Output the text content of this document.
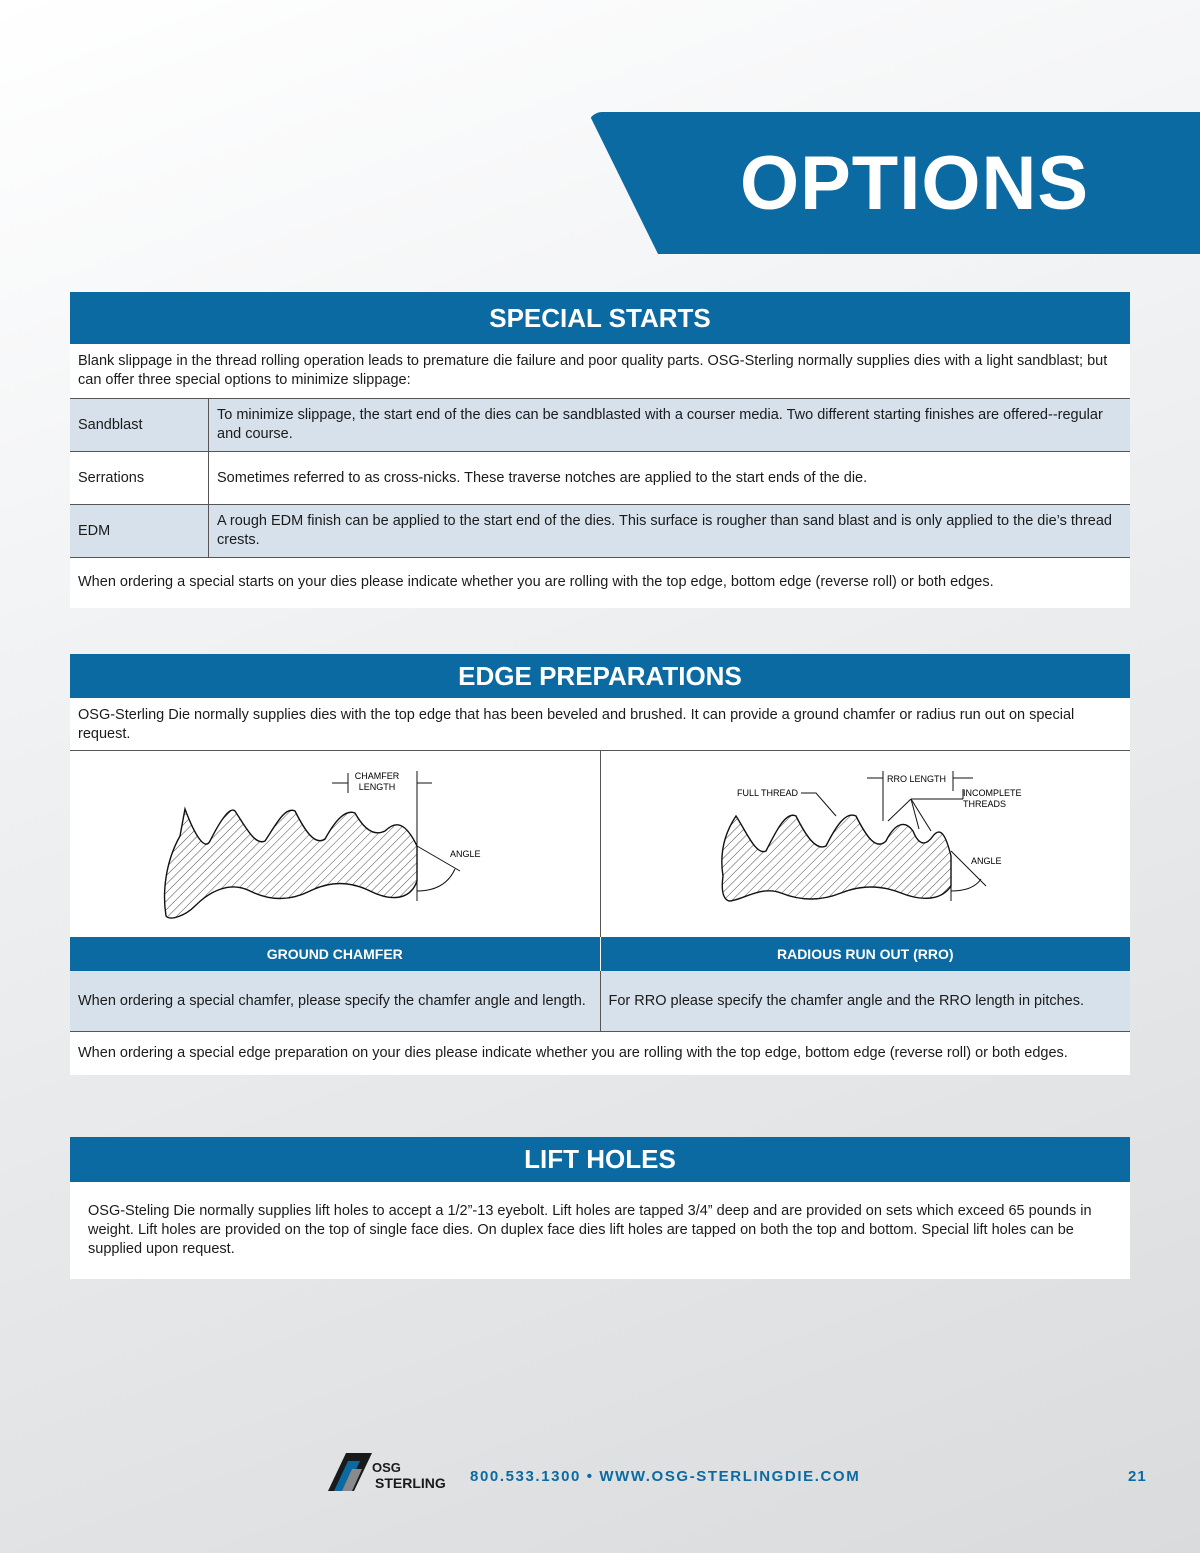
OPTIONS
SPECIAL STARTS
Blank slippage in the thread rolling operation leads to premature die failure and poor quality parts. OSG-Sterling normally supplies dies with a light sandblast; but can offer three special options to minimize slippage:
Sandblast	To minimize slippage, the start end of the dies can be sandblasted with a courser media. Two different starting finishes are offered--regular and course.
Serrations	Sometimes referred to as cross-nicks. These traverse notches are applied to the start ends of the die.
EDM	A rough EDM finish can be applied to the start end of the dies. This surface is rougher than sand blast and is only applied to the die’s thread crests.
When ordering a special starts on your dies please indicate whether you are rolling with the top edge, bottom edge (reverse roll) or both edges.	
EDGE PREPARATIONS
OSG-Sterling Die normally supplies dies with the top edge that has been beveled and brushed. It can provide a ground chamfer or radius run out on special request.
CHAMFER
LENGTH
ANGLE	RRO LENGTH
FULL THREAD INCOMPLETE
THREADS
ANGLE

GROUND CHAMFER	RADIOUS RUN OUT (RRO)
When ordering a special chamfer, please specify the chamfer angle and length.	For RRO please specify the chamfer angle and the RRO length in pitches.
When ordering a special edge preparation on your dies please indicate whether you are rolling with the top edge, bottom edge (reverse roll) or both edges.	
LIFT HOLES
OSG-Steling Die normally supplies lift holes to accept a 1/2”-13 eyebolt. Lift holes are tapped 3/4” deep and are provided on sets which exceed 65 pounds in weight. Lift holes are provided on the top of single face dies. On duplex face dies lift holes are tapped on both the top and bottom. Special lift holes can be supplied upon request.
OSG
STERLING 800.533.1300 • WWW.OSG-STERLINGDIE.COM	21
